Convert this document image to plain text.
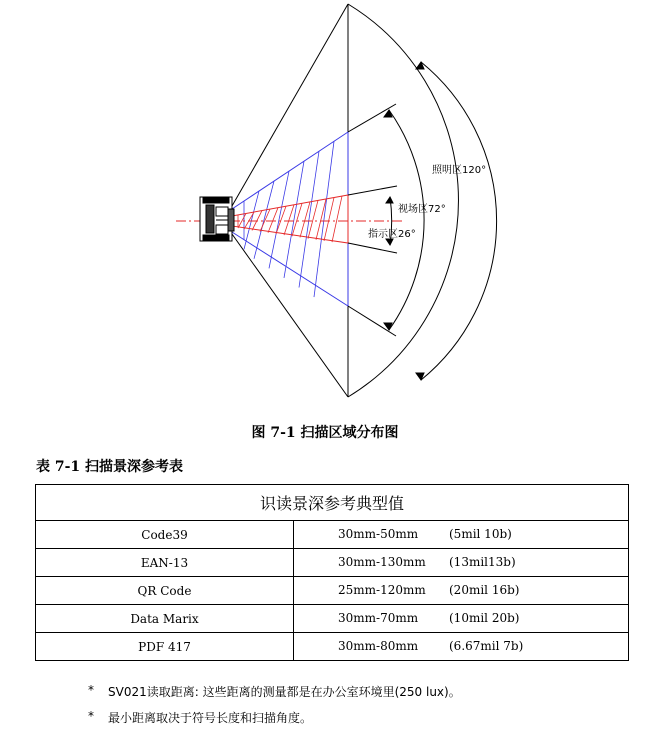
照明区120°
视场区72°
指示区26°
图 7-1 扫描区域分布图
表 7-1 扫描景深参考表
识读景深参考典型值	
Code39	30mm-50mm (5mil 10b)

EAN-13	30mm-130mm (13mil13b)

QR Code	25mm-120mm (20mil 16b)

Data Marix	30mm-70mm (10mil 20b)

PDF 417	30mm-80mm (6.67mil 7b)
*	SV021读取距离: 这些距离的测量都是在办公室环境里(250 lux)。
*	最小距离取决于符号长度和扫描角度。
